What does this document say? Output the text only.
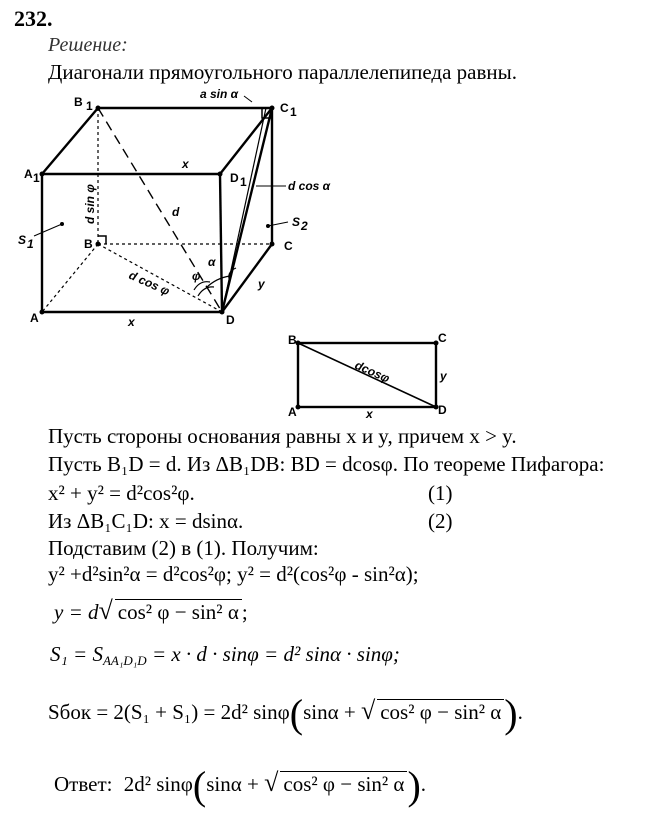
232.
Решение:
Диагонали прямоугольного параллелепипеда равны.
B 1	C 1
A 1	D 1
A
B	C
D
a sin α
x
x
d sin φ	d
d cos α
S 1
S 2
α
φ
d cos φ	y
B	C
A	D
dcosφ
x
y
Пусть стороны основания равны x и y, причем x > y.
Пусть B₁D = d. Из ΔB₁DB: BD = dcosφ. По теореме Пифагора:
x² + y² = d²cos²φ.	(1)
Из ΔB₁C₁D: x = dsinα.	(2)
Подставим (2) в (1). Получим:
y² +d²sin²α = d²cos²φ; y² = d²(cos²φ - sin²α);
y = d√ cos² φ − sin² α ;
S₁ = SAA₁D₁D = x · d · sinφ = d² sinα · sinφ;
Sбок = 2(S₁ + S₁) = 2d² sinφ(sinα + √ cos² φ − sin² α).
Ответ: 2d² sinφ(sinα + √ cos² φ − sin² α).
